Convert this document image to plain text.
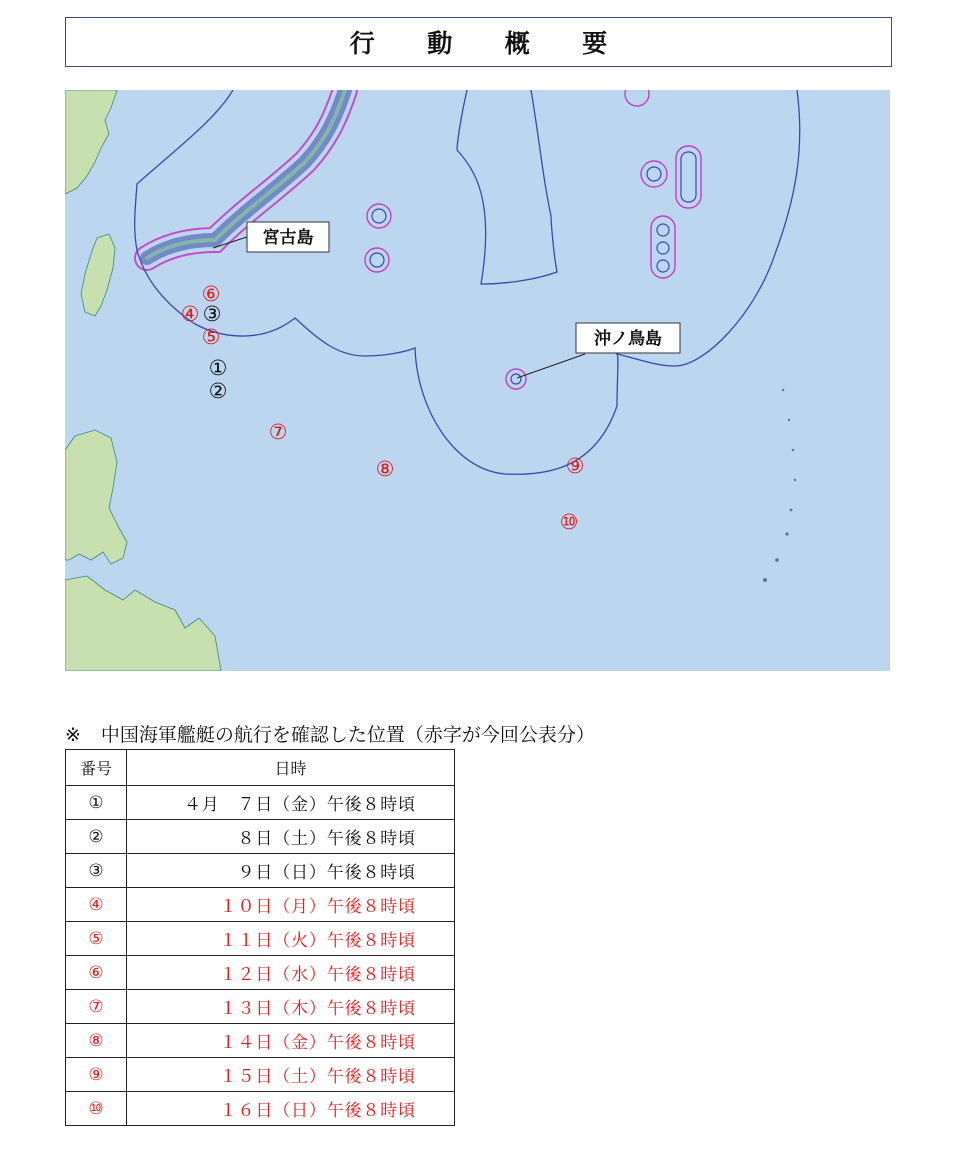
行　動　概　要
宮古島
沖ノ鳥島
①
②
③
④
⑤
⑥
⑦
⑧	⑨
⑩
※ 中国海軍艦艇の航行を確認した位置（赤字が今回公表分）
番号	日時
①	４月　７日（金）午後８時頃
②	８日（土）午後８時頃
③	９日（日）午後８時頃
④	１０日（月）午後８時頃
⑤	１１日（火）午後８時頃
⑥	１２日（水）午後８時頃
⑦	１３日（木）午後８時頃
⑧	１４日（金）午後８時頃
⑨	１５日（土）午後８時頃
⑩	１６日（日）午後８時頃
